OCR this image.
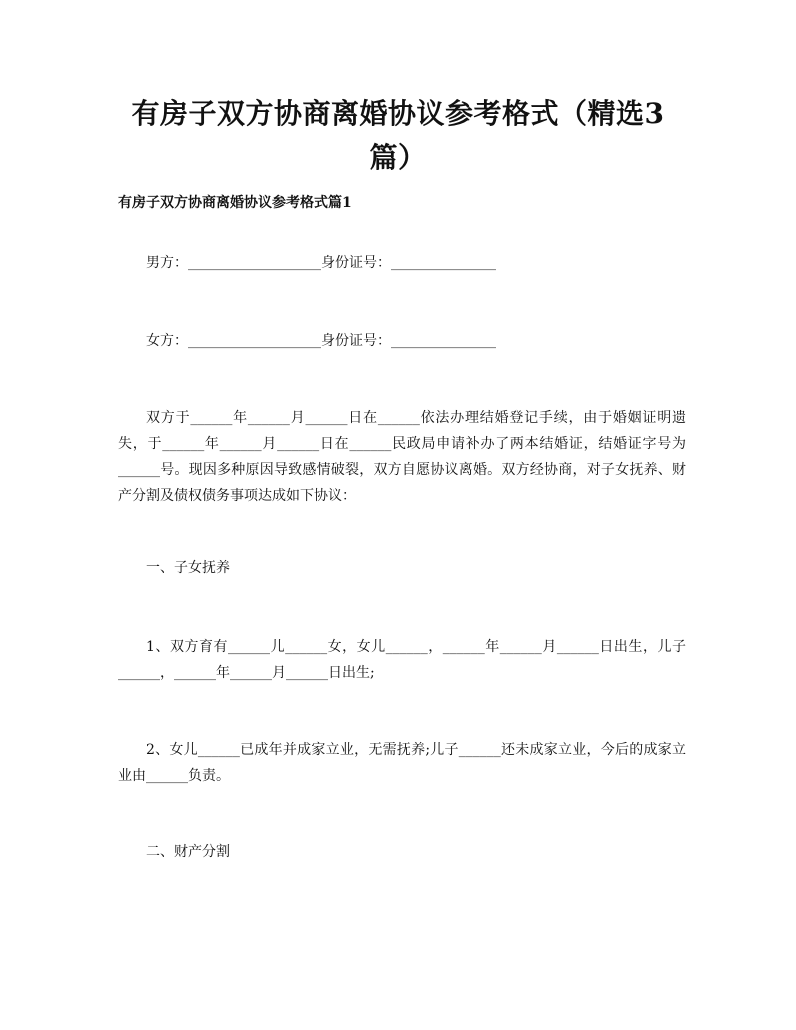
有房子双方协商离婚协议参考格式（精选3篇）

有房子双方协商离婚协议参考格式篇1

男方：___________________身份证号：_______________

女方：___________________身份证号：_______________

双方于______年______月______日在______依法办理结婚登记手续，由于婚姻证明遗失，于______年______月______日在______民政局申请补办了两本结婚证，结婚证字号为______号。现因多种原因导致感情破裂，双方自愿协议离婚。双方经协商，对子女抚养、财产分割及债权债务事项达成如下协议：

一、子女抚养

1、双方育有______儿______女，女儿______，______年______月______日出生，儿子______，______年______月______日出生;

2、女儿______已成年并成家立业，无需抚养;儿子______还未成家立业，今后的成家立业由______负责。

二、财产分割
